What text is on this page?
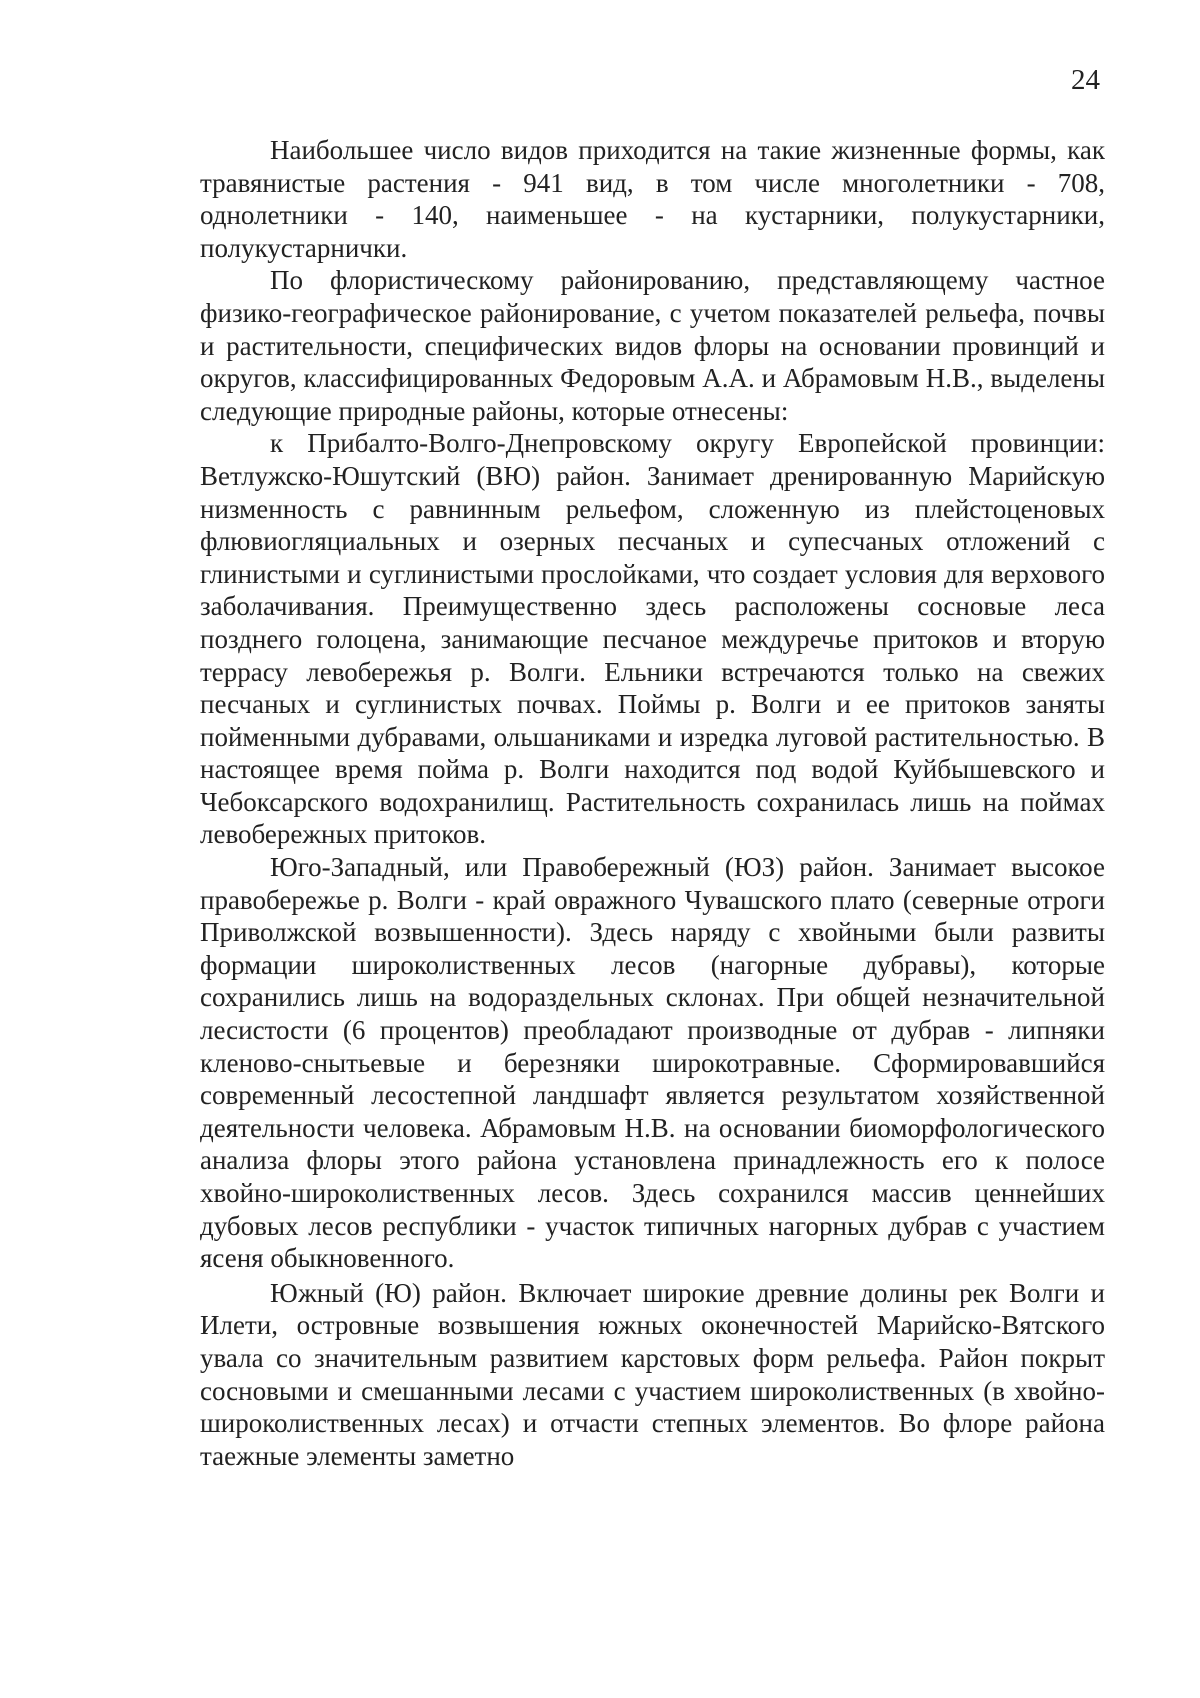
24

Наибольшее число видов приходится на такие жизненные формы, как травянистые растения - 941 вид, в том числе многолетники - 708, однолетники - 140, наименьшее - на кустарники, полукустарники, полукустарнички.

По флористическому районированию, представляющему частное физико-географическое районирование, с учетом показателей рельефа, почвы и растительности, специфических видов флоры на основании провинций и округов, классифицированных Федоровым А.А. и Абрамовым Н.В., выделены следующие природные районы, которые отнесены:

к Прибалто-Волго-Днепровскому округу Европейской провинции: Ветлужско-Юшутский (ВЮ) район. Занимает дренированную Марийскую низменность с равнинным рельефом, сложенную из плейстоценовых флювиогляциальных и озерных песчаных и супесчаных отложений с глинистыми и суглинистыми прослойками, что создает условия для верхового заболачивания. Преимущественно здесь расположены сосновые леса позднего голоцена, занимающие песчаное междуречье притоков и вторую террасу левобережья р. Волги. Ельники встречаются только на свежих песчаных и суглинистых почвах. Поймы р. Волги и ее притоков заняты пойменными дубравами, ольшаниками и изредка луговой растительностью. В настоящее время пойма р. Волги находится под водой Куйбышевского и Чебоксарского водохранилищ. Растительность сохранилась лишь на поймах левобережных притоков.

Юго-Западный, или Правобережный (ЮЗ) район. Занимает высокое правобережье р. Волги - край овражного Чувашского плато (северные отроги Приволжской возвышенности). Здесь наряду с хвойными были развиты формации широколиственных лесов (нагорные дубравы), которые сохранились лишь на водораздельных склонах. При общей незначительной лесистости (6 процентов) преобладают производные от дубрав - липняки кленово-снытьевые и березняки широкотравные. Сформировавшийся современный лесостепной ландшафт является результатом хозяйственной деятельности человека. Абрамовым Н.В. на основании биоморфологического анализа флоры этого района установлена принадлежность его к полосе хвойно-широколиственных лесов. Здесь сохранился массив ценнейших дубовых лесов республики - участок типичных нагорных дубрав с участием ясеня обыкновенного.

Южный (Ю) район. Включает широкие древние долины рек Волги и Илети, островные возвышения южных оконечностей Марийско-Вятского увала со значительным развитием карстовых форм рельефа. Район покрыт сосновыми и смешанными лесами с участием широколиственных (в хвойно-широколиственных лесах) и отчасти степных элементов. Во флоре района таежные элементы заметно
